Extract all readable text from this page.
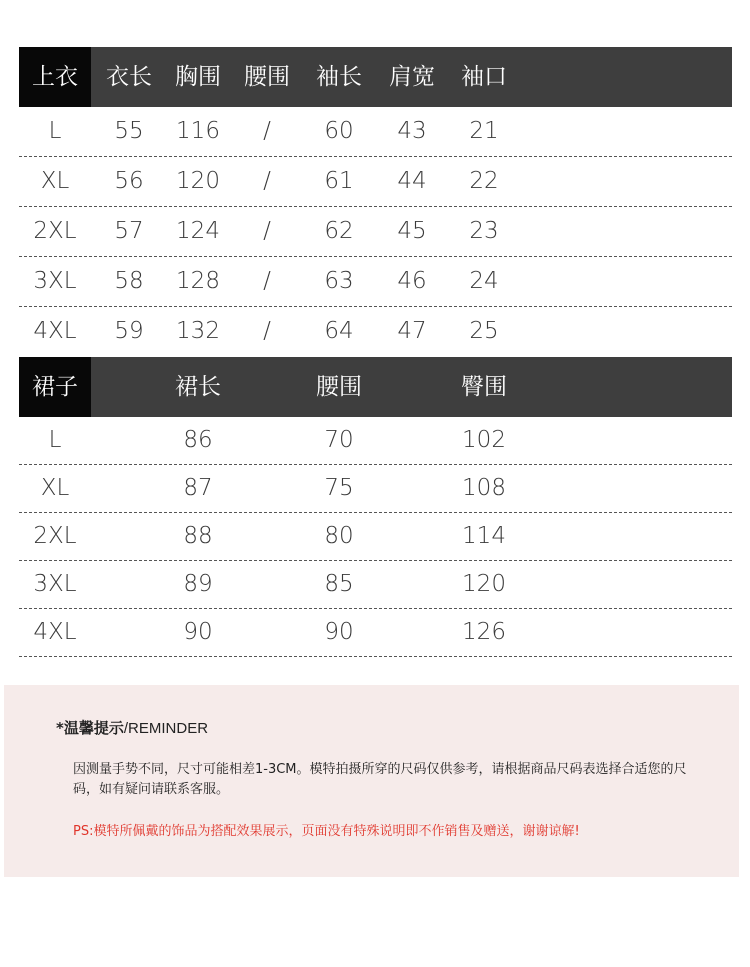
上衣 衣长 胸围 腰围 袖长 肩宽 袖口
L 55 116 / 60 43 21
XL 56 120 / 61 44 22
2XL 57 124 / 62 45 23
3XL 58 128 / 63 46 24
4XL 59 132 / 64 47 25
裙子	裙长	腰围	臀围
L	86	70	102
XL	87	75	108
2XL	88	80	114
3XL	89	85	120
4XL	90	90	126
*温馨提示/REMINDER
因测量手势不同，尺寸可能相差1-3CM。模特拍摄所穿的尺码仅供参考，请根据商品尺码表选择合适您的尺码，如有疑问请联系客服。
PS:模特所佩戴的饰品为搭配效果展示，页面没有特殊说明即不作销售及赠送，谢谢谅解!
